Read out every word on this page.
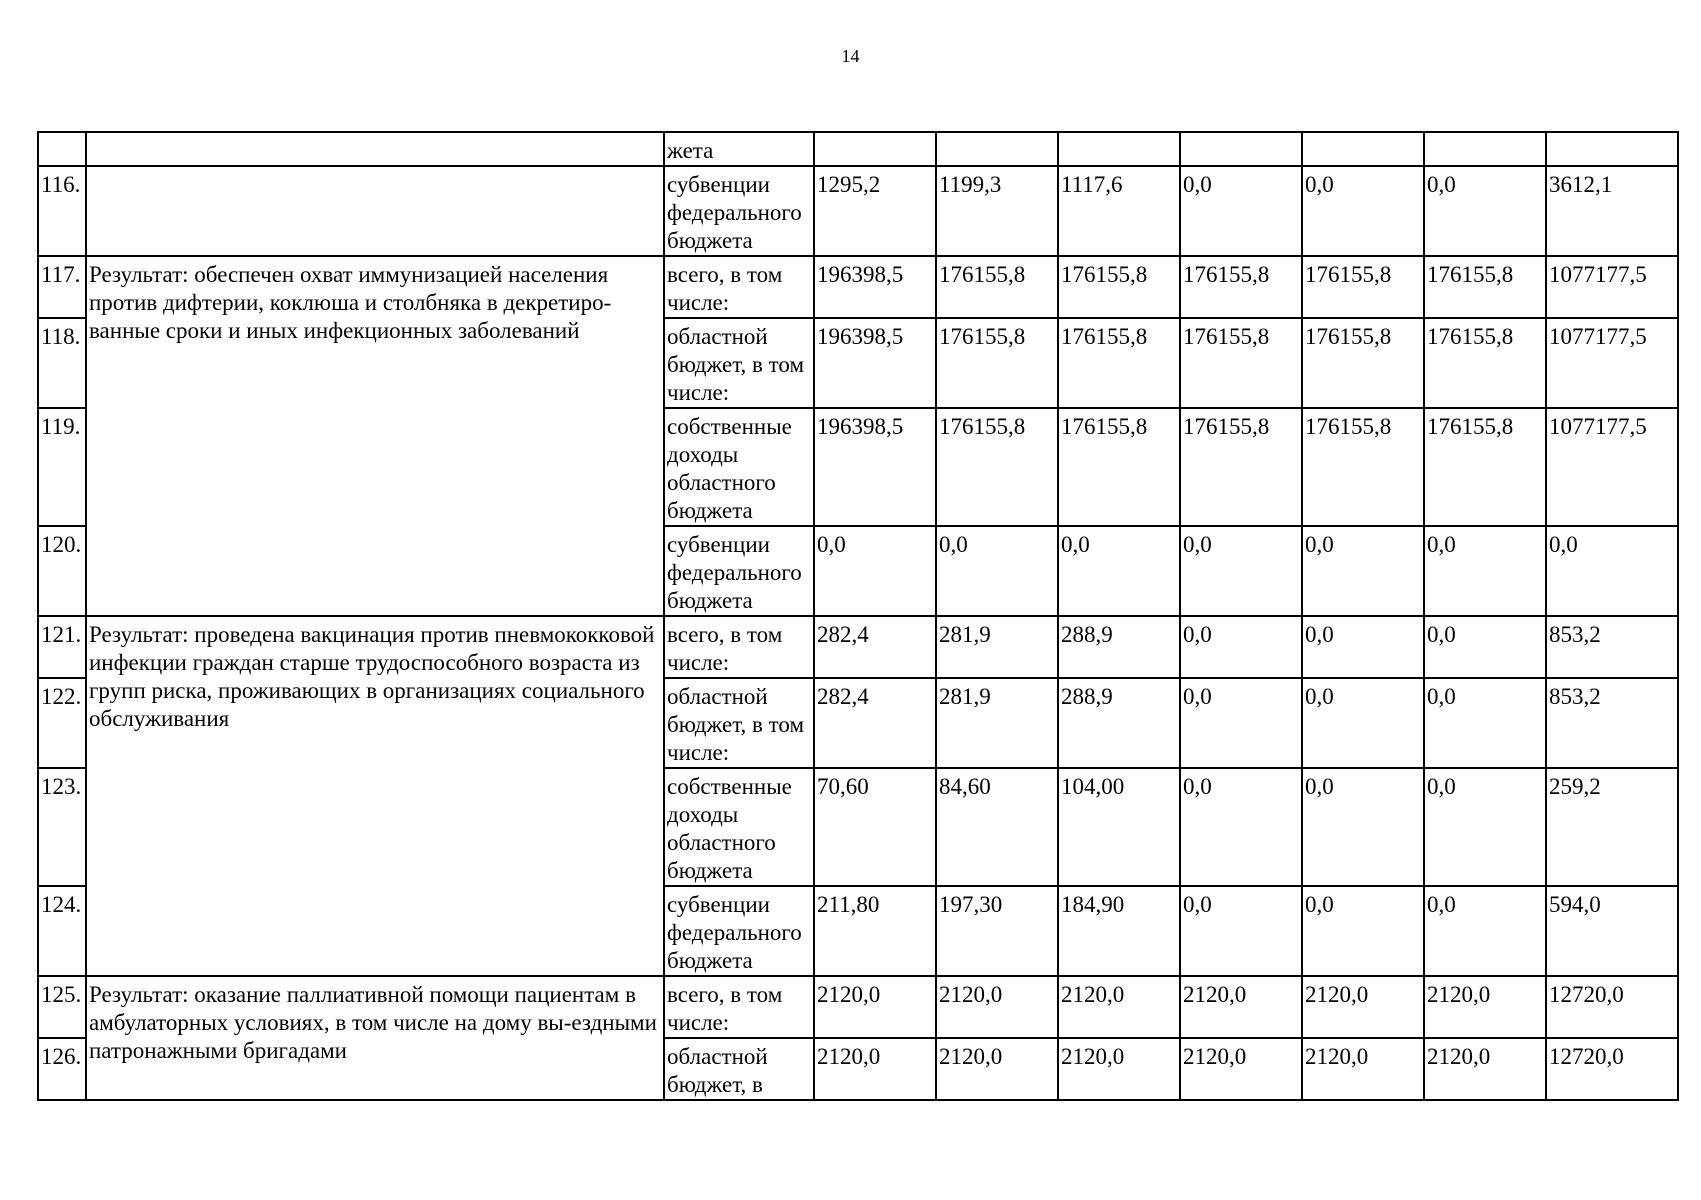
14
		жета							
116.		субвенции федерального бюджета	1295,2	1199,3	1117,6	0,0	0,0	0,0	3612,1
117.	Результат: обеспечен охват иммунизацией населения против дифтерии, коклюша и столбняка в декретиро-ванные сроки и иных инфекционных заболеваний	всего, в том числе:	196398,5	176155,8	176155,8	176155,8	176155,8	176155,8	1077177,5
118.		областной бюджет, в том числе:	196398,5	176155,8	176155,8	176155,8	176155,8	176155,8	1077177,5
119.		собственные доходы областного бюджета	196398,5	176155,8	176155,8	176155,8	176155,8	176155,8	1077177,5
120.		субвенции федерального бюджета	0,0	0,0	0,0	0,0	0,0	0,0	0,0
121.	Результат: проведена вакцинация против пневмококковой инфекции граждан старше трудоспособного возраста из групп риска, проживающих в организациях социального обслуживания	всего, в том числе:	282,4	281,9	288,9	0,0	0,0	0,0	853,2
122.		областной бюджет, в том числе:	282,4	281,9	288,9	0,0	0,0	0,0	853,2
123.		собственные доходы областного бюджета	70,60	84,60	104,00	0,0	0,0	0,0	259,2
124.		субвенции федерального бюджета	211,80	197,30	184,90	0,0	0,0	0,0	594,0
125.	Результат: оказание паллиативной помощи пациентам в амбулаторных условиях, в том числе на дому вы-ездными патронажными бригадами	всего, в том числе:	2120,0	2120,0	2120,0	2120,0	2120,0	2120,0	12720,0
126.		областной бюджет, в	2120,0	2120,0	2120,0	2120,0	2120,0	2120,0	12720,0
